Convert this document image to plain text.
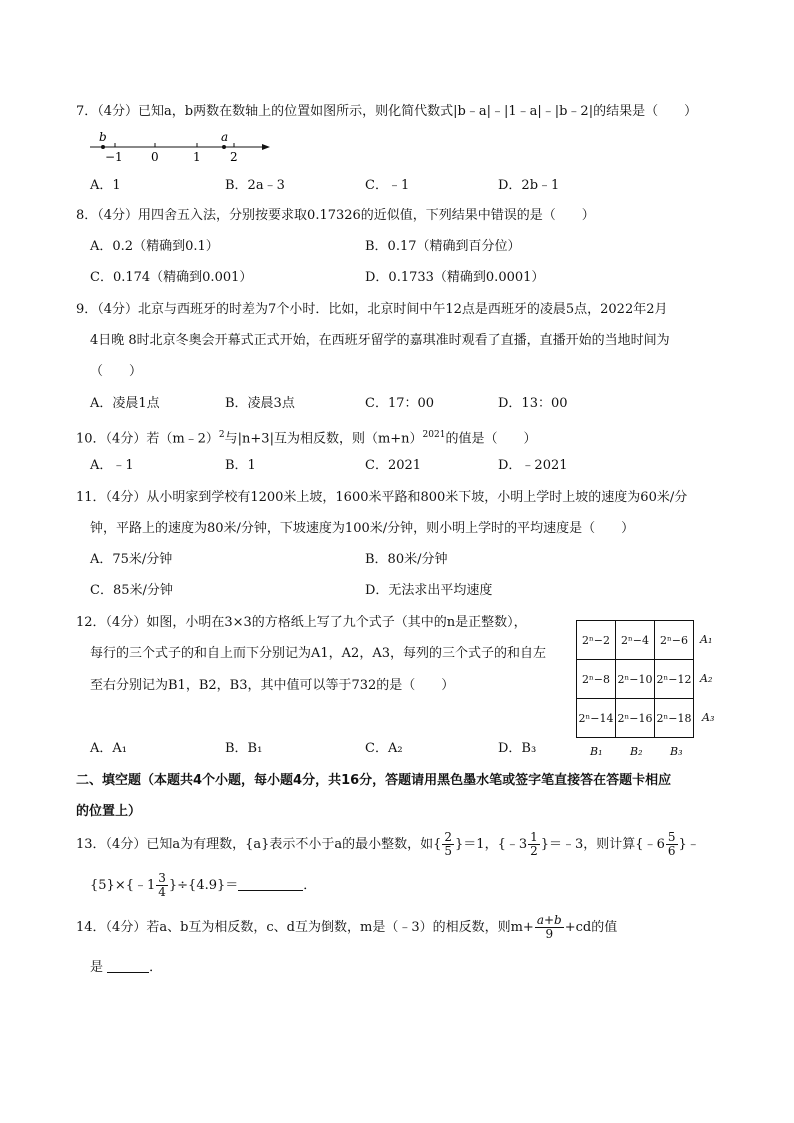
7．（4分）已知a，b两数在数轴上的位置如图所示，则化简代数式|b﹣a|﹣|1﹣a|﹣|b﹣2|的结果是（　　）
b	a
−1 0	1 2
A．1	B．2a﹣3	C．﹣1	D．2b﹣1
8．（4分）用四舍五入法，分别按要求取0.17326的近似值，下列结果中错误的是（　　）
A．0.2（精确到0.1）	B．0.17（精确到百分位）
C．0.174（精确到0.001）	D．0.1733（精确到0.0001）
9．（4分）北京与西班牙的时差为7个小时．比如，北京时间中午12点是西班牙的凌晨5点，2022年2月
4日晚 8时北京冬奥会开幕式正式开始，在西班牙留学的嘉琪准时观看了直播，直播开始的当地时间为
（　　）
A．凌晨1点	B．凌晨3点	C．17：00	D．13：00
10．（4分）若（m﹣2）$^2$与|n+3|互为相反数，则$(m+n)^{2021}$的值是（　　）
A．﹣1	B．1	C．2021	D．﹣2021
11．（4分）从小明家到学校有1200米上坡，1600米平路和800米下坡，小明上学时上坡的速度为60米/分
钟，平路上的速度为80米/分钟，下坡速度为100米/分钟，则小明上学时的平均速度是（　　）
A．75米/分钟	B．80米/分钟
C．85米/分钟	D．无法求出平均速度
12．（4分）如图，小明在3×3的方格纸上写了九个式子（其中的n是正整数），
每行的三个式子的和自上而下分别记为A1，A2，A3，每列的三个式子的和自左
至右分别记为B1，B2，B3，其中值可以等于732的是（　　）
2ⁿ−2	2ⁿ−4	2ⁿ−6
2ⁿ−8	2ⁿ−10	2ⁿ−12
2ⁿ−14	2ⁿ−16	2ⁿ−18
A₁
A₂
A₃
B₁	B₂	B₃
A．A₁	B．B₁	C．A₂	D．B₃
二、填空题（本题共4个小题，每小题4分，共16分，答题请用黑色墨水笔或签字笔直接答在答题卡相应
的位置上）
13．（4分）已知a为有理数，{a}表示不小于a的最小整数，如{ $\frac{2}{5} \}=1$，{﹣3 $\frac{1}{2}$ }＝﹣3，则计算{﹣6 $\frac{5}{6}$ }﹣
{5}×{﹣1 $\frac{3}{4} \}\div\{4.9\}=$	．
14．（4分）若a、b互为相反数，c、d互为倒数，m是（﹣3）的相反数，则$m+ \frac{a+b}{9} +cd$的值
是	．
